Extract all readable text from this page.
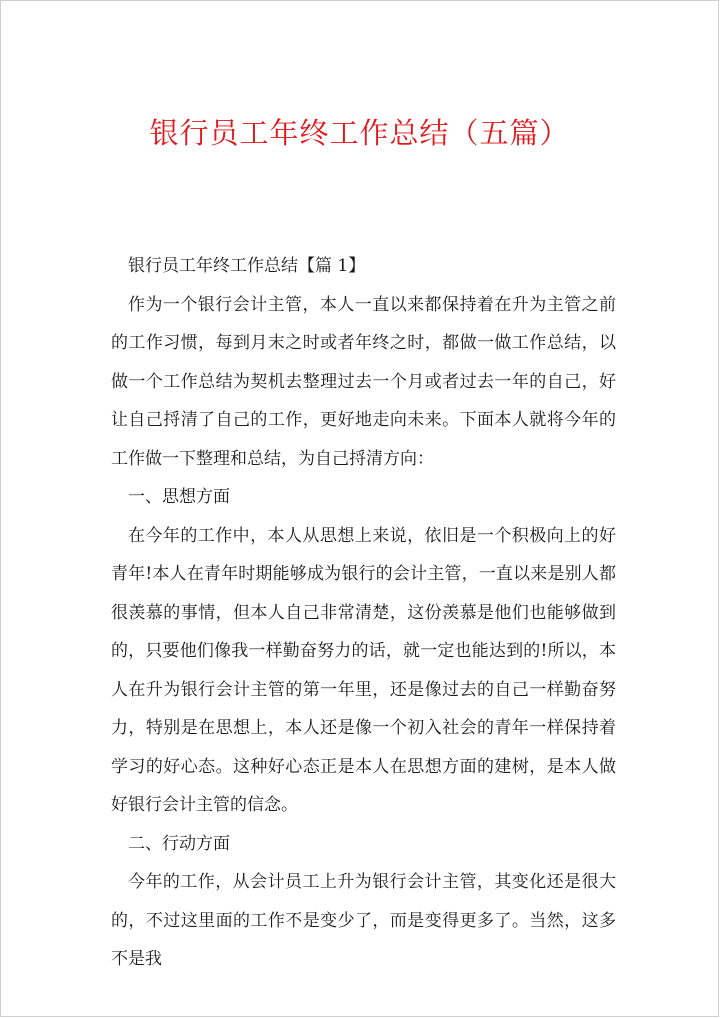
银行员工年终工作总结（五篇）

银行员工年终工作总结【篇 1】

作为一个银行会计主管，本人一直以来都保持着在升为主管之前的工作习惯，每到月末之时或者年终之时，都做一做工作总结，以做一个工作总结为契机去整理过去一个月或者过去一年的自己，好让自己捋清了自己的工作，更好地走向未来。下面本人就将今年的工作做一下整理和总结，为自己捋清方向：

一、思想方面

在今年的工作中，本人从思想上来说，依旧是一个积极向上的好青年!本人在青年时期能够成为银行的会计主管，一直以来是别人都很羡慕的事情，但本人自己非常清楚，这份羡慕是他们也能够做到的，只要他们像我一样勤奋努力的话，就一定也能达到的!所以，本人在升为银行会计主管的第一年里，还是像过去的自己一样勤奋努力，特别是在思想上，本人还是像一个初入社会的青年一样保持着学习的好心态。这种好心态正是本人在思想方面的建树，是本人做好银行会计主管的信念。

二、行动方面

今年的工作，从会计员工上升为银行会计主管，其变化还是很大的，不过这里面的工作不是变少了，而是变得更多了。当然，这多不是我
